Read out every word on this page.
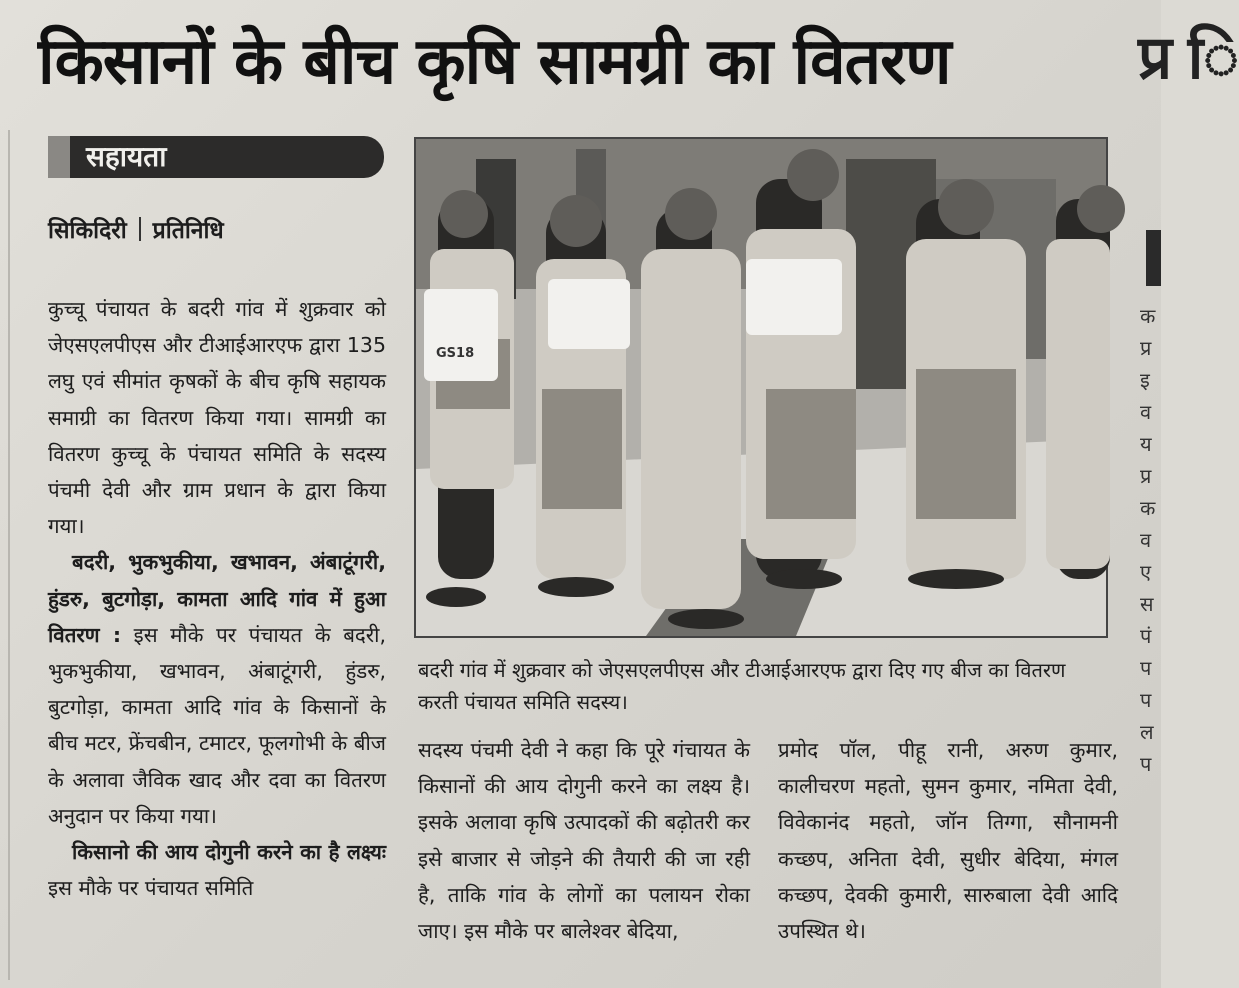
किसानों के बीच कृषि सामग्री का वितरण	प्र ि
क प्र इ व य प्र क व ए स पं प प ल प
सहायता
सिकिदिरी प्रतिनिधि

कुच्चू पंचायत के बदरी गांव में शुक्रवार को जेएसएलपीएस और टीआईआरएफ द्वारा 135 लघु एवं सीमांत कृषकों के बीच कृषि सहायक समाग्री का वितरण किया गया। सामग्री का वितरण कुच्चू के पंचायत समिति के सदस्य पंचमी देवी और ग्राम प्रधान के द्वारा किया गया।

बदरी, भुकभुकीया, खभावन, अंबाटूंगरी, हुंडरु, बुटगोड़ा, कामता आदि गांव में हुआ वितरण : इस मौके पर पंचायत के बदरी, भुकभुकीया, खभावन, अंबाटूंगरी, हुंडरु, बुटगोड़ा, कामता आदि गांव के किसानों के बीच मटर, फ्रेंचबीन, टमाटर, फूलगोभी के बीज के अलावा जैविक खाद और दवा का वितरण अनुदान पर किया गया।

किसानो की आय दोगुनी करने का है लक्ष्यः इस मौके पर पंचायत समिति

GS18
बदरी गांव में शुक्रवार को जेएसएलपीएस और टीआईआरएफ द्वारा दिए गए बीज का वितरण करती पंचायत समिति सदस्य।
सदस्य पंचमी देवी ने कहा कि पूरे गंचायत के किसानों की आय दोगुनी करने का लक्ष्य है। इसके अलावा कृषि उत्पादकों की बढ़ोतरी कर इसे बाजार से जोड़ने की तैयारी की जा रही है, ताकि गांव के लोगों का पलायन रोका जाए। इस मौके पर बालेश्वर बेदिया,
प्रमोद पॉल, पीहू रानी, अरुण कुमार, कालीचरण महतो, सुमन कुमार, नमिता देवी, विवेकानंद महतो, जॉन तिग्गा, सौनामनी कच्छप, अनिता देवी, सुधीर बेदिया, मंगल कच्छप, देवकी कुमारी, सारुबाला देवी आदि उपस्थित थे।
